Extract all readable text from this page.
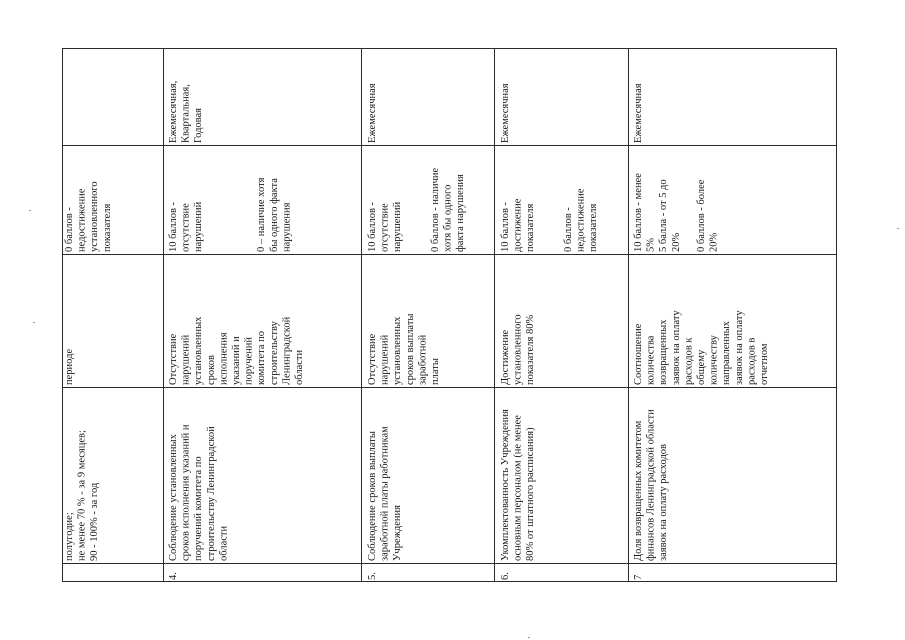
полугодие;
не менее 70 % - за 9 месяцев;
90 - 100% - за год
периоде
0 баллов -
недостижение
установленного
показателя
4.
Соблюдение установленных
сроков исполнения указаний и
поручений комитета по
строительству Ленинградской
области
Отсутствие
нарушений
установленных
сроков
исполнения
указаний и
поручений
комитета по
строительству
Ленинградской
области
10 баллов -
отсутствие
нарушений

0 – наличие хотя
бы одного факта
нарушения
Ежемесячная,
Квартальная,
Годовая
5.
Соблюдение сроков выплаты
заработной платы работникам
Учреждения
Отсутствие
нарушений
установленных
сроков выплаты
заработной
платы
10 баллов -
отсутствие
нарушений

0 баллов - наличие
хотя бы одного
факта нарушения
Ежемесячная
6.
Укомплектованность Учреждения
основным персоналом (не менее
80% от штатного расписания)
Достижение
установленного
показателя 80%
10 баллов -
достижение
показателя

0 баллов -
недостижение
показателя
Ежемесячная
7
Доля возвращенных комитетом
финансов Ленинградской области
заявок на оплату расходов
Соотношение
количества
возвращенных
заявок на оплату
расходов к
общему
количеству
направленных
заявок на оплату
расходов в
отчетном
10 баллов - менее
5%
5 балла - от 5 до
20%

0 баллов - более
20%
Ежемесячная
